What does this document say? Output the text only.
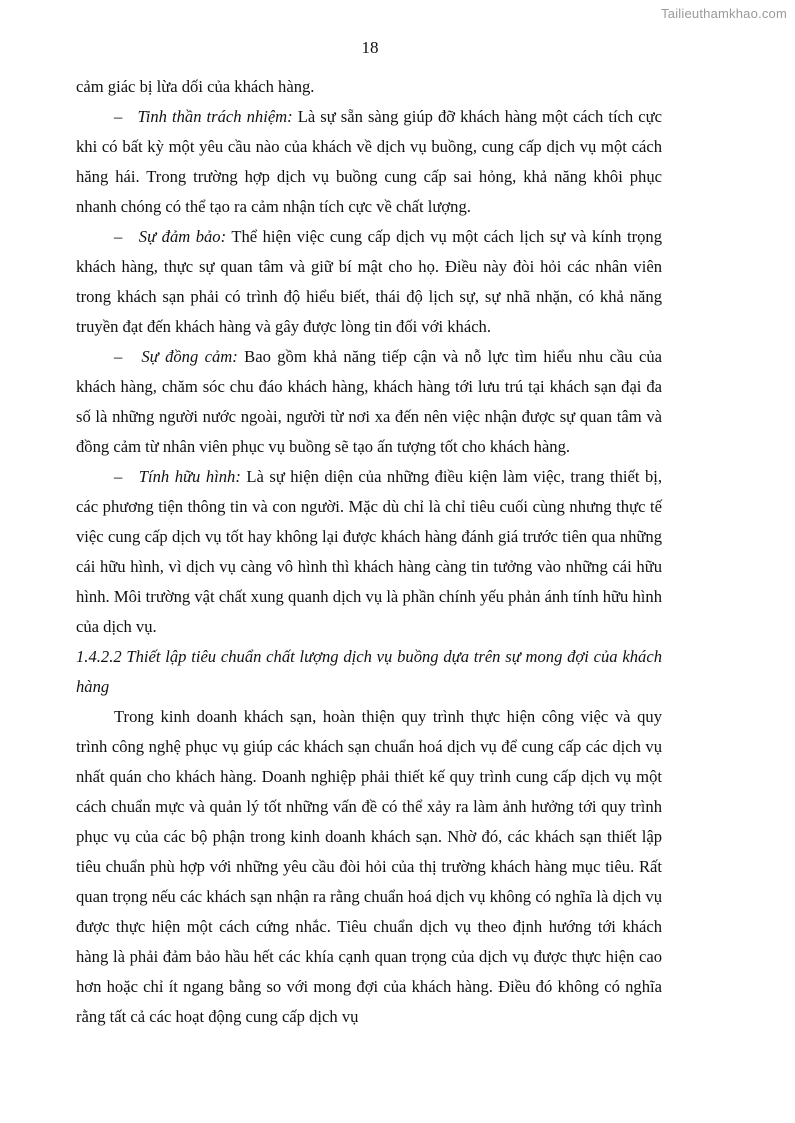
Tailieuthamkhao.com
18

cảm giác bị lừa dối của khách hàng.

– Tinh thần trách nhiệm: Là sự sẵn sàng giúp đỡ khách hàng một cách tích cực khi có bất kỳ một yêu cầu nào của khách về dịch vụ buồng, cung cấp dịch vụ một cách hăng hái. Trong trường hợp dịch vụ buồng cung cấp sai hỏng, khả năng khôi phục nhanh chóng có thể tạo ra cảm nhận tích cực về chất lượng.

– Sự đảm bảo: Thể hiện việc cung cấp dịch vụ một cách lịch sự và kính trọng khách hàng, thực sự quan tâm và giữ bí mật cho họ. Điều này đòi hỏi các nhân viên trong khách sạn phải có trình độ hiểu biết, thái độ lịch sự, sự nhã nhặn, có khả năng truyền đạt đến khách hàng và gây được lòng tin đối với khách.

– Sự đồng cảm: Bao gồm khả năng tiếp cận và nỗ lực tìm hiểu nhu cầu của khách hàng, chăm sóc chu đáo khách hàng, khách hàng tới lưu trú tại khách sạn đại đa số là những người nước ngoài, người từ nơi xa đến nên việc nhận được sự quan tâm và đồng cảm từ nhân viên phục vụ buồng sẽ tạo ấn tượng tốt cho khách hàng.

– Tính hữu hình: Là sự hiện diện của những điều kiện làm việc, trang thiết bị, các phương tiện thông tin và con người. Mặc dù chỉ là chỉ tiêu cuối cùng nhưng thực tế việc cung cấp dịch vụ tốt hay không lại được khách hàng đánh giá trước tiên qua những cái hữu hình, vì dịch vụ càng vô hình thì khách hàng càng tin tưởng vào những cái hữu hình. Môi trường vật chất xung quanh dịch vụ là phần chính yếu phản ánh tính hữu hình của dịch vụ.

1.4.2.2 Thiết lập tiêu chuẩn chất lượng dịch vụ buồng dựa trên sự mong đợi của khách hàng

Trong kinh doanh khách sạn, hoàn thiện quy trình thực hiện công việc và quy trình công nghệ phục vụ giúp các khách sạn chuẩn hoá dịch vụ để cung cấp các dịch vụ nhất quán cho khách hàng. Doanh nghiệp phải thiết kế quy trình cung cấp dịch vụ một cách chuẩn mực và quản lý tốt những vấn đề có thể xảy ra làm ảnh hưởng tới quy trình phục vụ của các bộ phận trong kinh doanh khách sạn. Nhờ đó, các khách sạn thiết lập tiêu chuẩn phù hợp với những yêu cầu đòi hỏi của thị trường khách hàng mục tiêu. Rất quan trọng nếu các khách sạn nhận ra rằng chuẩn hoá dịch vụ không có nghĩa là dịch vụ được thực hiện một cách cứng nhắc. Tiêu chuẩn dịch vụ theo định hướng tới khách hàng là phải đảm bảo hầu hết các khía cạnh quan trọng của dịch vụ được thực hiện cao hơn hoặc chỉ ít ngang bằng so với mong đợi của khách hàng. Điều đó không có nghĩa rằng tất cả các hoạt động cung cấp dịch vụ
